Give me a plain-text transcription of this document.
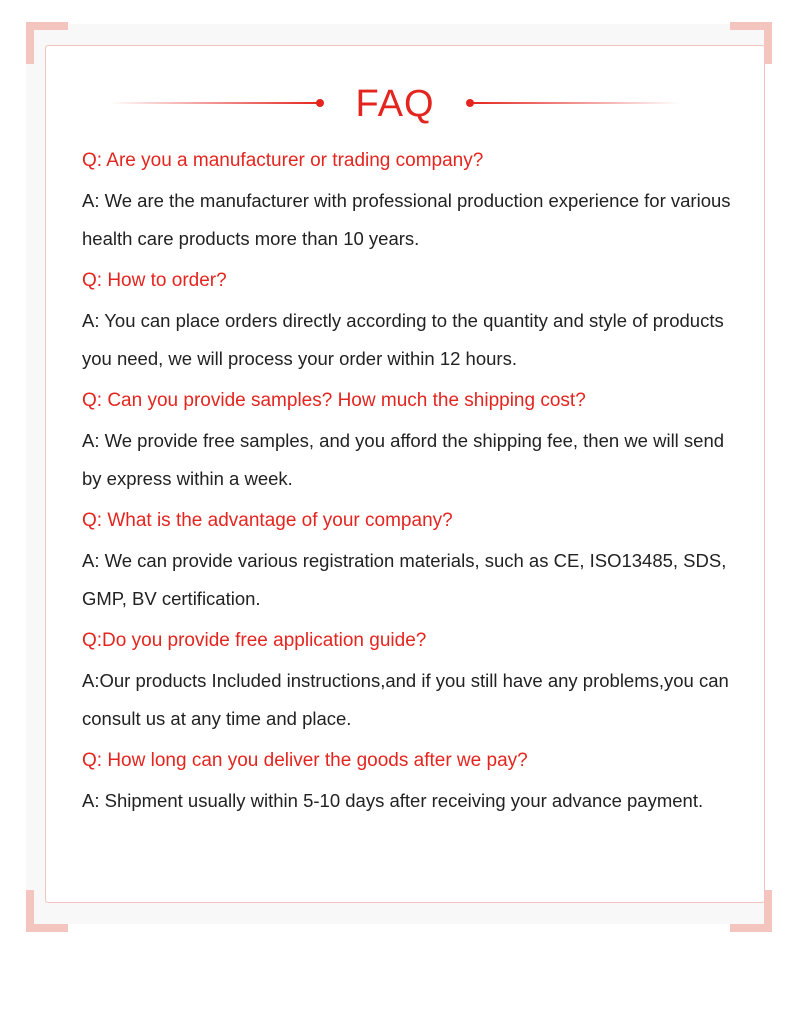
FAQ
Q: Are you a manufacturer or trading company?
A: We are the manufacturer with professional production experience for various health care products more than 10 years.
Q: How to order?
A: You can place orders directly according to the quantity and style of products you need, we will process your order within 12 hours.
Q: Can you provide samples? How much the shipping cost?
A: We provide free samples, and you afford the shipping fee, then we will send by express within a week.
Q: What is the advantage of your company?
A: We can provide various registration materials, such as CE, ISO13485, SDS, GMP, BV certification.
Q:Do you provide free application guide?
A:Our products Included instructions,and if you still have any problems,you can consult us at any time and place.
Q: How long can you deliver the goods after we pay?
A: Shipment usually within 5-10 days after receiving your advance payment.
